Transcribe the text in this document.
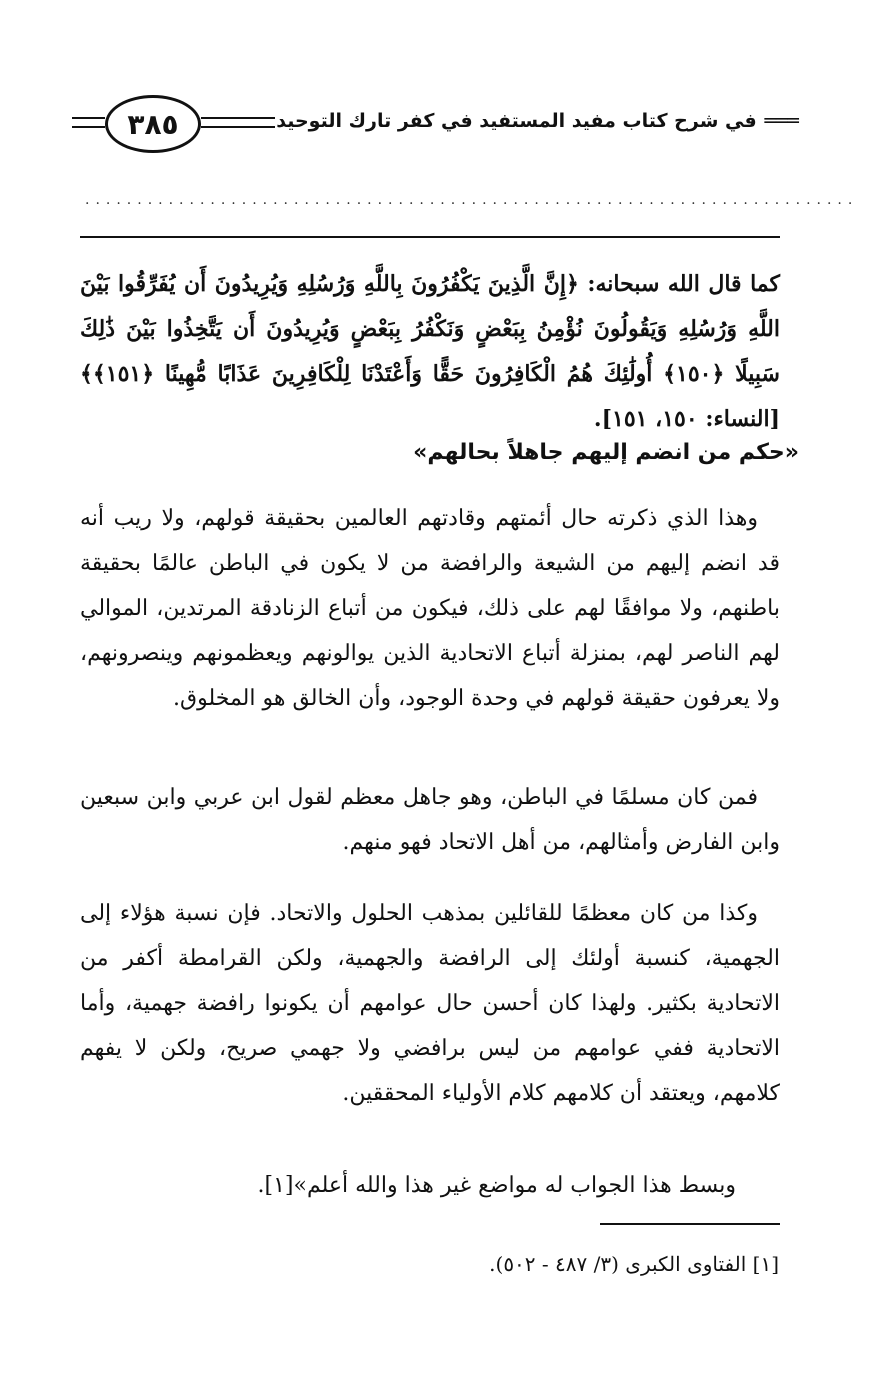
═══في شرح كتاب مفيد المستفيد في كفر تارك التوحيد
٣٨٥
..........................................................................
كما قال الله سبحانه: ﴿إِنَّ الَّذِينَ يَكْفُرُونَ بِاللَّهِ وَرُسُلِهِ وَيُرِيدُونَ أَن يُفَرِّقُوا بَيْنَ اللَّهِ وَرُسُلِهِ وَيَقُولُونَ نُؤْمِنُ بِبَعْضٍ وَنَكْفُرُ بِبَعْضٍ وَيُرِيدُونَ أَن يَتَّخِذُوا بَيْنَ ذَٰلِكَ سَبِيلًا ﴿١٥٠﴾ أُولَٰئِكَ هُمُ الْكَافِرُونَ حَقًّا وَأَعْتَدْنَا لِلْكَافِرِينَ عَذَابًا مُّهِينًا ﴿١٥١﴾﴾ [النساء: ١٥٠، ١٥١].
«حكم من انضم إليهم جاهلاً بحالهم»
وهذا الذي ذكرته حال أئمتهم وقادتهم العالمين بحقيقة قولهم، ولا ريب أنه قد انضم إليهم من الشيعة والرافضة من لا يكون في الباطن عالمًا بحقيقة باطنهم، ولا موافقًا لهم على ذلك، فيكون من أتباع الزنادقة المرتدين، الموالي لهم الناصر لهم، بمنزلة أتباع الاتحادية الذين يوالونهم ويعظمونهم وينصرونهم، ولا يعرفون حقيقة قولهم في وحدة الوجود، وأن الخالق هو المخلوق.
فمن كان مسلمًا في الباطن، وهو جاهل معظم لقول ابن عربي وابن سبعين وابن الفارض وأمثالهم، من أهل الاتحاد فهو منهم.
وكذا من كان معظمًا للقائلين بمذهب الحلول والاتحاد. فإن نسبة هؤلاء إلى الجهمية، كنسبة أولئك إلى الرافضة والجهمية، ولكن القرامطة أكفر من الاتحادية بكثير. ولهذا كان أحسن حال عوامهم أن يكونوا رافضة جهمية، وأما الاتحادية ففي عوامهم من ليس برافضي ولا جهمي صريح، ولكن لا يفهم كلامهم، ويعتقد أن كلامهم كلام الأولياء المحققين.
وبسط هذا الجواب له مواضع غير هذا والله أعلم»[١].
[١] الفتاوى الكبرى (٣/ ٤٨٧ - ٥٠٢).
